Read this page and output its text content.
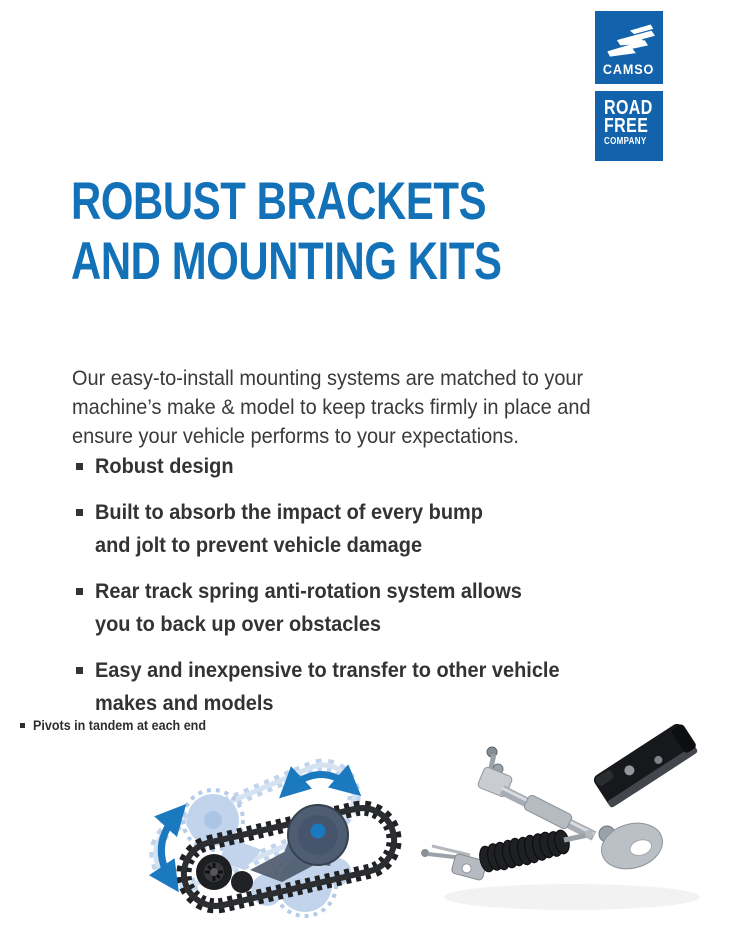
CAMSO
ROAD
FREE
COMPANY
ROBUST BRACKETS
AND MOUNTING KITS

Our easy-to-install mounting systems are matched to your
machine’s make & model to keep tracks firmly in place and
ensure your vehicle performs to your expectations.

Robust design
Built to absorb the impact of every bump
and jolt to prevent vehicle damage
Rear track spring anti-rotation system allows
you to back up over obstacles
Easy and inexpensive to transfer to other vehicle
makes and models
Pivots in tandem at each end
